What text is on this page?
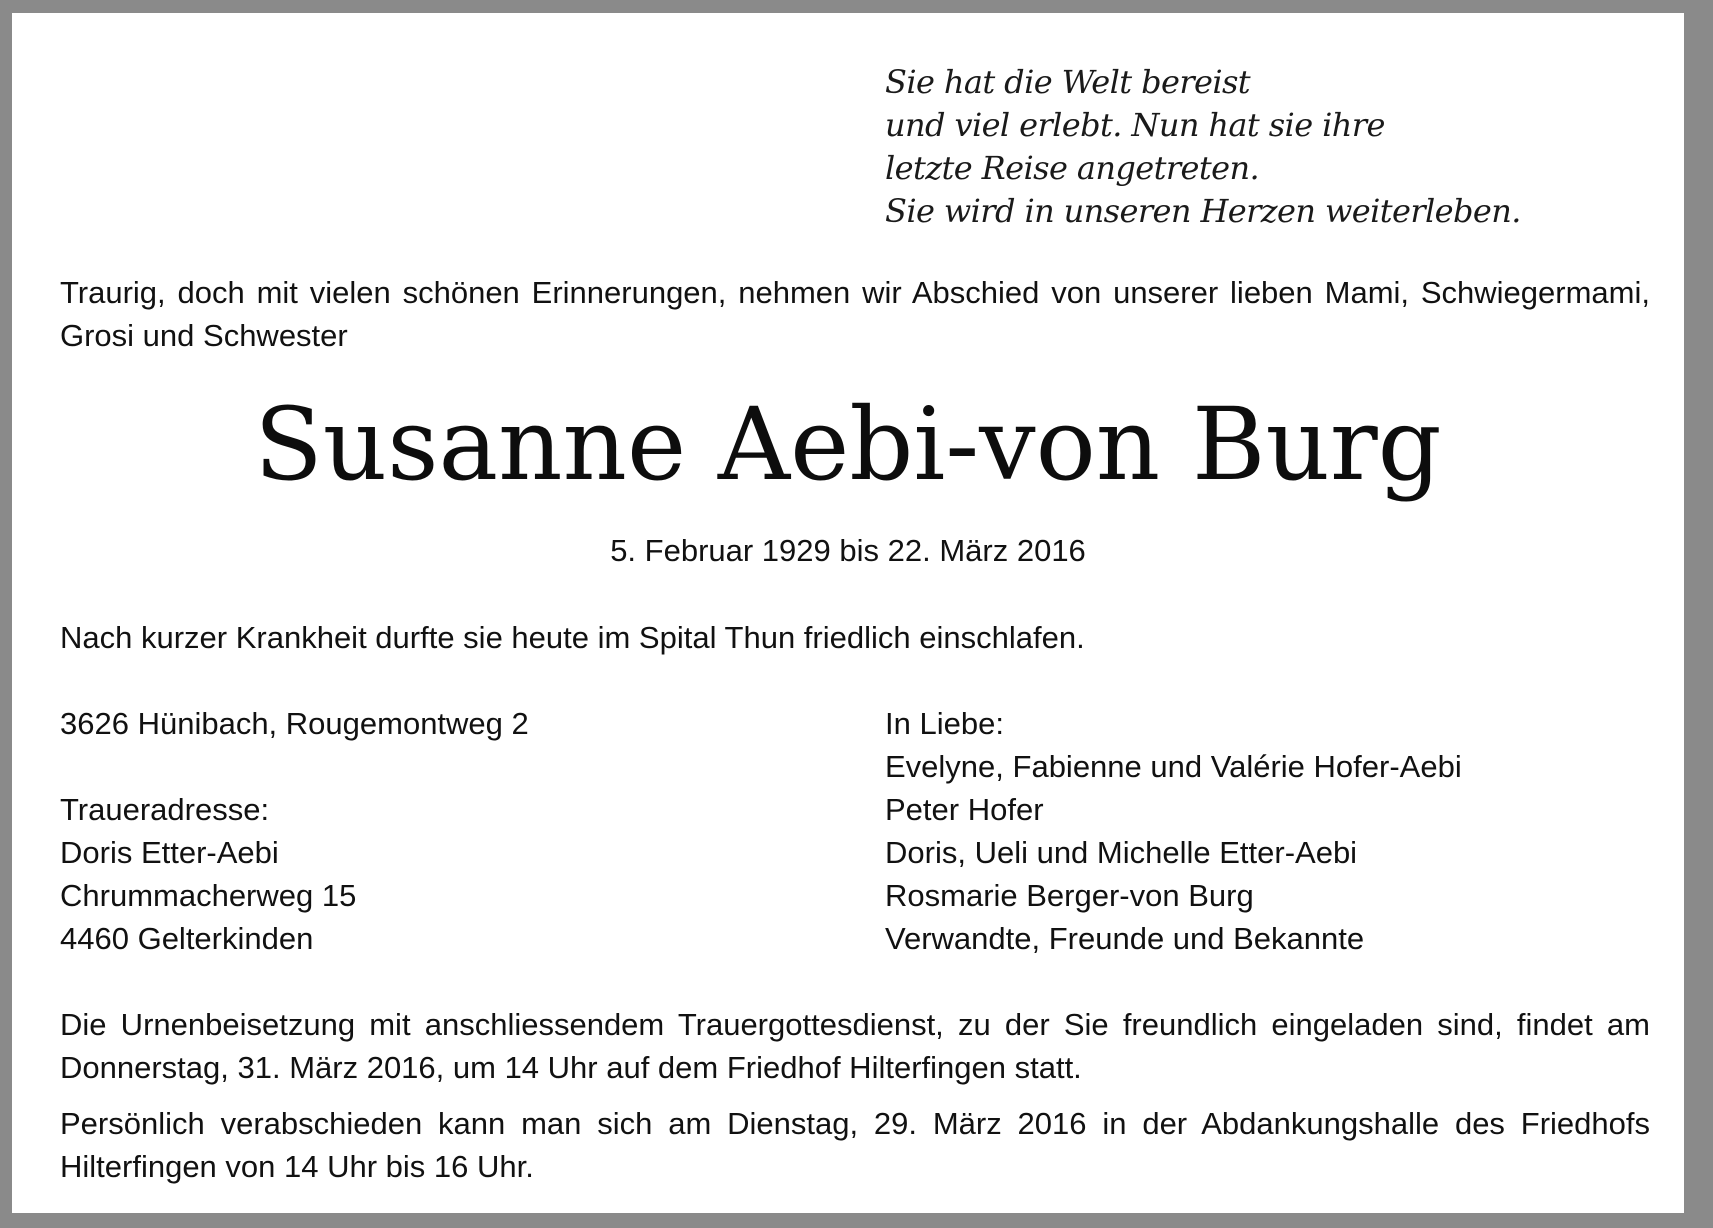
Sie hat die Welt bereist
und viel erlebt. Nun hat sie ihre
letzte Reise angetreten.
Sie wird in unseren Herzen weiterleben.
Traurig, doch mit vielen schönen Erinnerungen, nehmen wir Abschied von unserer lieben Mami, Schwiegermami, Grosi und Schwester
Susanne Aebi-von Burg
5. Februar 1929 bis 22. März 2016
Nach kurzer Krankheit durfte sie heute im Spital Thun friedlich einschlafen.
3626 Hünibach, Rougemontweg 2
Traueradresse:
Doris Etter-Aebi
Chrummacherweg 15
4460 Gelterkinden
In Liebe:
Evelyne, Fabienne und Valérie Hofer-Aebi
Peter Hofer
Doris, Ueli und Michelle Etter-Aebi
Rosmarie Berger-von Burg
Verwandte, Freunde und Bekannte
Die Urnenbeisetzung mit anschliessendem Trauergottesdienst, zu der Sie freundlich eingeladen sind, findet am Donnerstag, 31. März 2016, um 14 Uhr auf dem Friedhof Hilterfingen statt.
Persönlich verabschieden kann man sich am Dienstag, 29. März 2016 in der Abdankungshalle des Friedhofs Hilterfingen von 14 Uhr bis 16 Uhr.
